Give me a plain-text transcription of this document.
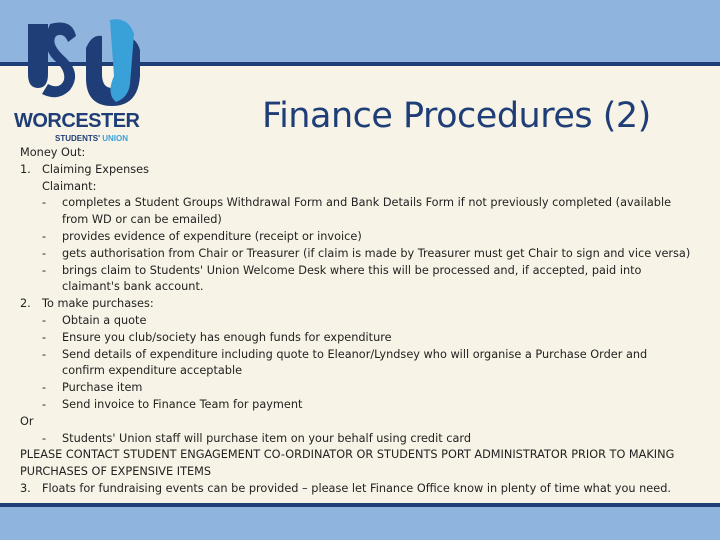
WORCESTER
STUDENTS' UNION
Finance Procedures (2)
Money Out:
1. Claiming Expenses
Claimant:
- completes a Student Groups Withdrawal Form and Bank Details Form if not previously completed (available
from WD or can be emailed)
- provides evidence of expenditure (receipt or invoice)
- gets authorisation from Chair or Treasurer (if claim is made by Treasurer must get Chair to sign and vice versa)
- brings claim to Students' Union Welcome Desk where this will be processed and, if accepted, paid into
claimant's bank account.
2. To make purchases:
- Obtain a quote
- Ensure you club/society has enough funds for expenditure
- Send details of expenditure including quote to Eleanor/Lyndsey who will organise a Purchase Order and
confirm expenditure acceptable
- Purchase item
- Send invoice to Finance Team for payment
Or
- Students' Union staff will purchase item on your behalf using credit card
PLEASE CONTACT STUDENT ENGAGEMENT CO-ORDINATOR OR STUDENTS PORT ADMINISTRATOR PRIOR TO MAKING
PURCHASES OF EXPENSIVE ITEMS
3. Floats for fundraising events can be provided – please let Finance Office know in plenty of time what you need.
